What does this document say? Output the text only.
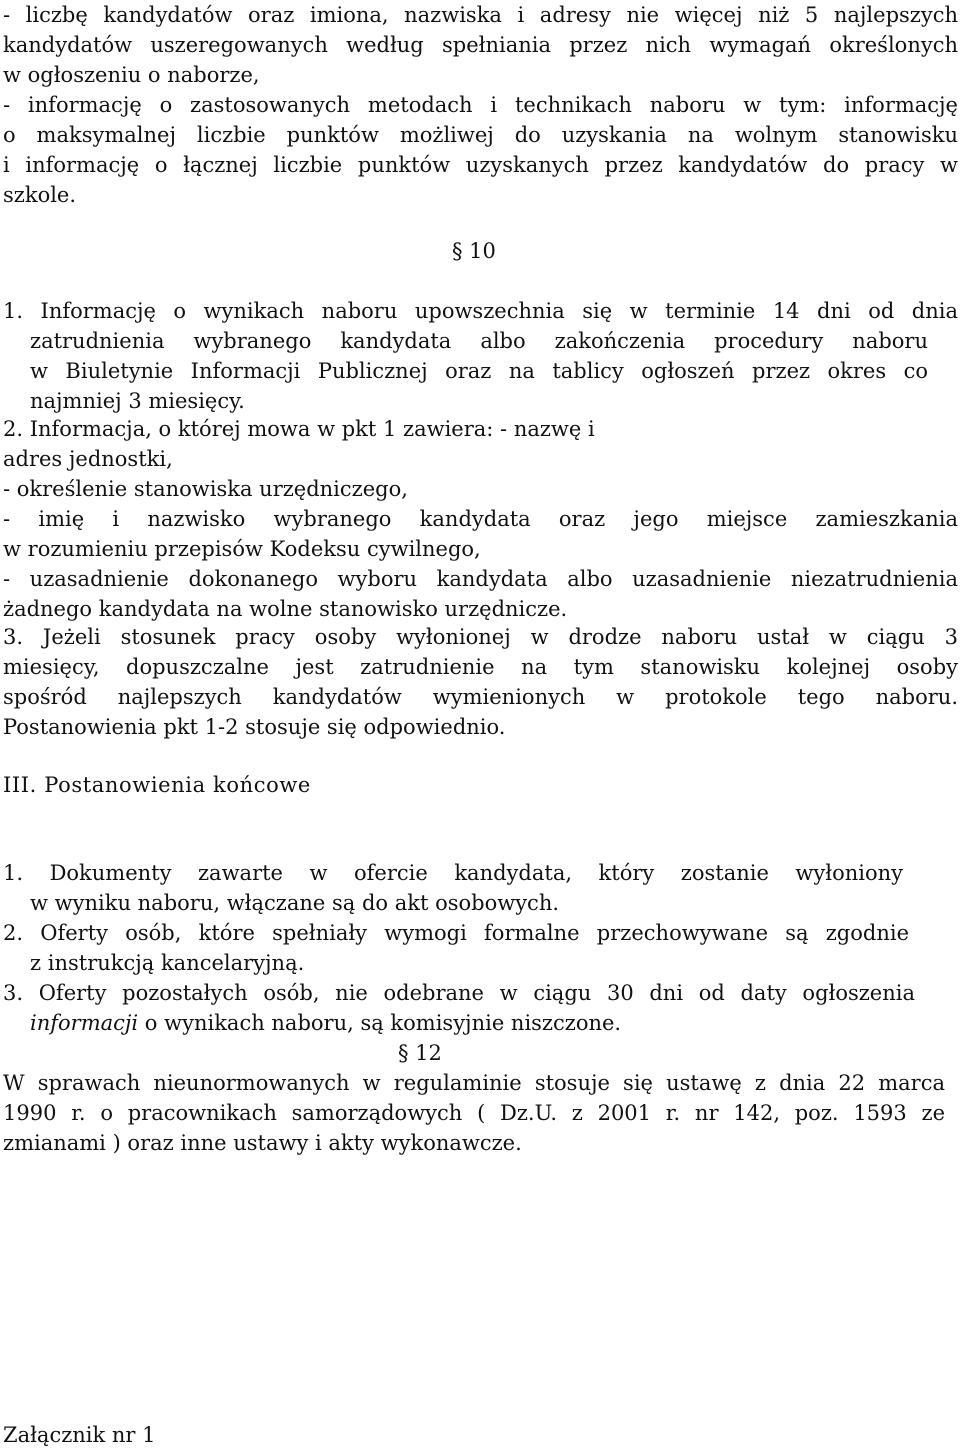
- liczbę kandydatów oraz imiona, nazwiska i adresy nie więcej niż 5 najlepszych
kandydatów uszeregowanych według spełniania przez nich wymagań określonych
w ogłoszeniu o naborze,
- informację o zastosowanych metodach i technikach naboru w tym: informację
o maksymalnej liczbie punktów możliwej do uzyskania na wolnym stanowisku
i informację o łącznej liczbie punktów uzyskanych przez kandydatów do pracy w
szkole.
§ 10
1. Informację o wynikach naboru upowszechnia się w terminie 14 dni od dnia
zatrudnienia wybranego kandydata albo zakończenia procedury naboru
w Biuletynie Informacji Publicznej oraz na tablicy ogłoszeń przez okres co
najmniej 3 miesięcy.
2. Informacja, o której mowa w pkt 1 zawiera: - nazwę i
adres jednostki,
- określenie stanowiska urzędniczego,
- imię i nazwisko wybranego kandydata oraz jego miejsce zamieszkania
w rozumieniu przepisów Kodeksu cywilnego,
- uzasadnienie dokonanego wyboru kandydata albo uzasadnienie niezatrudnienia
żadnego kandydata na wolne stanowisko urzędnicze.
3. Jeżeli stosunek pracy osoby wyłonionej w drodze naboru ustał w ciągu 3
miesięcy, dopuszczalne jest zatrudnienie na tym stanowisku kolejnej osoby
spośród najlepszych kandydatów wymienionych w protokole tego naboru.
Postanowienia pkt 1-2 stosuje się odpowiednio.
III. Postanowienia końcowe
1. Dokumenty zawarte w ofercie kandydata, który zostanie wyłoniony
w wyniku naboru, włączane są do akt osobowych.
2. Oferty osób, które spełniały wymogi formalne przechowywane są zgodnie
z instrukcją kancelaryjną.
3. Oferty pozostałych osób, nie odebrane w ciągu 30 dni od daty ogłoszenia
informacji o wynikach naboru, są komisyjnie niszczone.
§ 12
W sprawach nieunormowanych w regulaminie stosuje się ustawę z dnia 22 marca
1990 r. o pracownikach samorządowych ( Dz.U. z 2001 r. nr 142, poz. 1593 ze
zmianami ) oraz inne ustawy i akty wykonawcze.
Załącznik nr 1
